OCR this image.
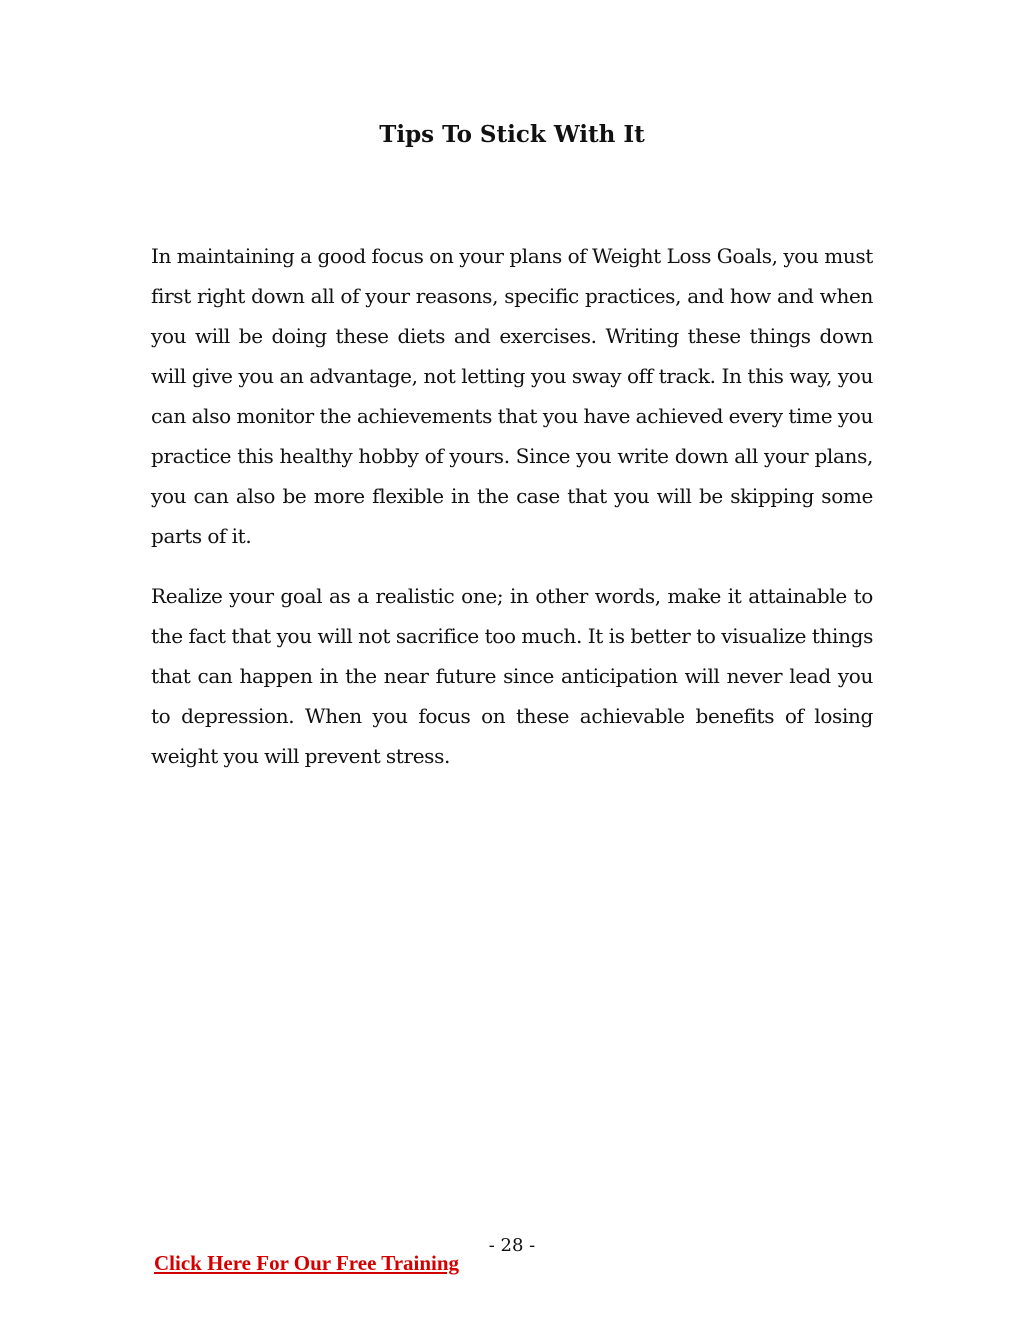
Tips To Stick With It

In maintaining a good focus on your plans of Weight Loss Goals, you must first right down all of your reasons, specific practices, and how and when you will be doing these diets and exercises. Writing these things down will give you an advantage, not letting you sway off track. In this way, you can also monitor the achievements that you have achieved every time you practice this healthy hobby of yours. Since you write down all your plans, you can also be more flexible in the case that you will be skipping some parts of it.

Realize your goal as a realistic one; in other words, make it attainable to the fact that you will not sacrifice too much. It is better to visualize things that can happen in the near future since anticipation will never lead you to depression. When you focus on these achievable benefits of losing weight you will prevent stress.

- 28 -
Click Here For Our Free Training
